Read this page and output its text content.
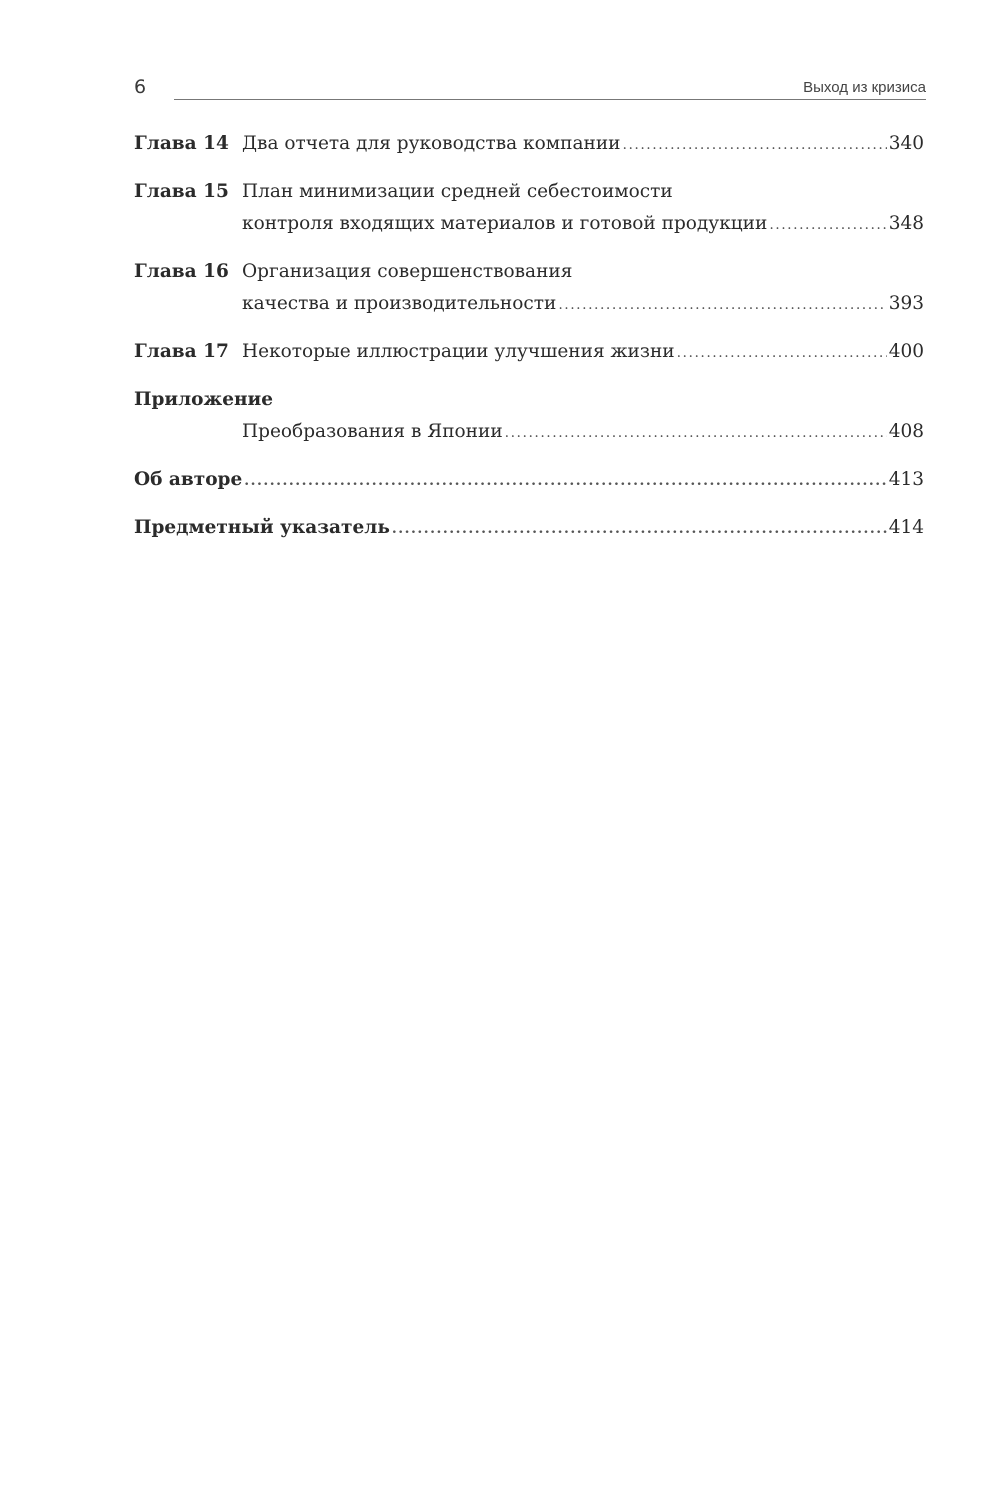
6	Выход из кризиса
Глава 14 Два отчета для руководства компании .....	340
Глава 15 План минимизации средней себестоимости
контроля входящих материалов и готовой продукции .....	348
Глава 16 Организация совершенствования
качества и производительности .....	393
Глава 17 Некоторые иллюстрации улучшения жизни .....	400
Приложение
Преобразования в Японии .....	408
Об авторе .....	413
Предметный указатель .....	414
